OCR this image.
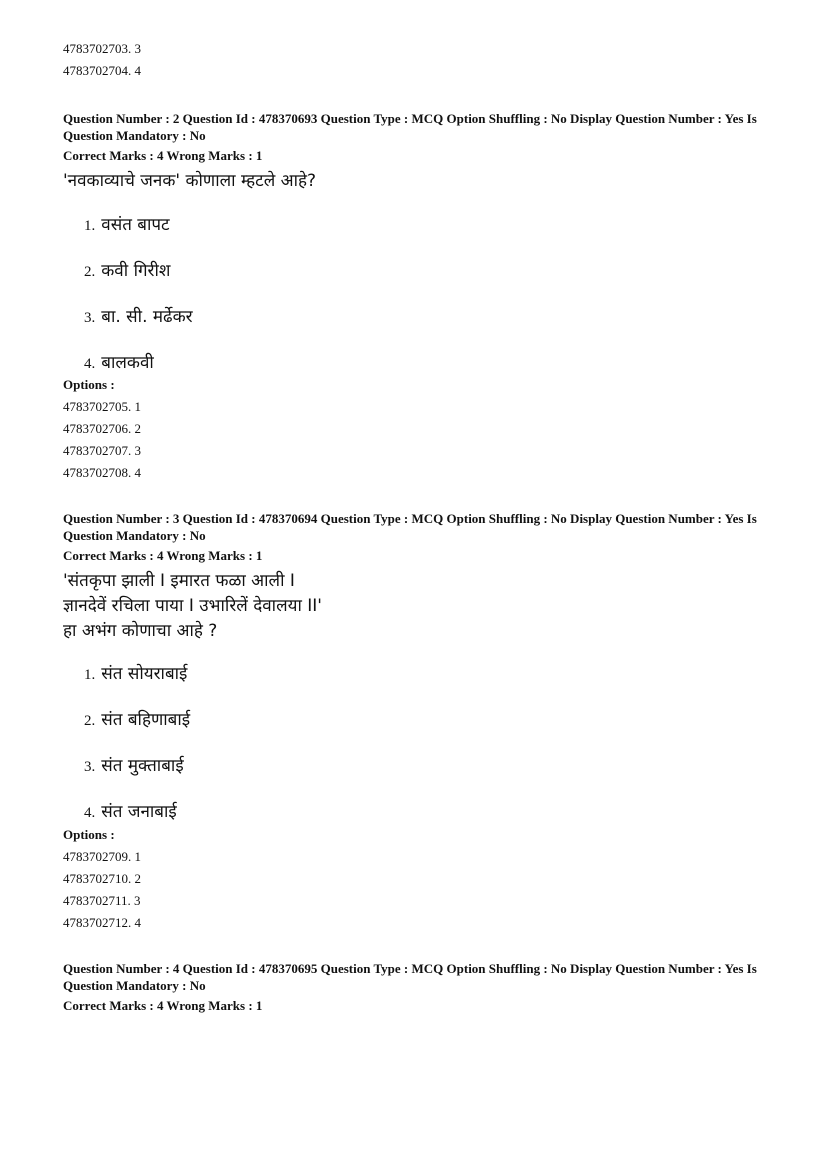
4783702703. 3
4783702704. 4
Question Number : 2 Question Id : 478370693 Question Type : MCQ Option Shuffling : No Display Question Number : Yes Is Question Mandatory : No
Correct Marks : 4 Wrong Marks : 1
'नवकाव्याचे जनक' कोणाला म्हटले आहे?
1. वसंत बापट
2. कवी गिरीश
3. बा. सी. मर्ढेकर
4. बालकवी
Options :
4783702705. 1
4783702706. 2
4783702707. 3
4783702708. 4
Question Number : 3 Question Id : 478370694 Question Type : MCQ Option Shuffling : No Display Question Number : Yes Is Question Mandatory : No
Correct Marks : 4 Wrong Marks : 1
'संतकृपा झाली I इमारत फळा आली I
ज्ञानदेवें रचिला पाया I उभारिलें देवालया II'
हा अभंग कोणाचा आहे ?
1. संत सोयराबाई
2. संत बहिणाबाई
3. संत मुक्ताबाई
4. संत जनाबाई
Options :
4783702709. 1
4783702710. 2
4783702711. 3
4783702712. 4
Question Number : 4 Question Id : 478370695 Question Type : MCQ Option Shuffling : No Display Question Number : Yes Is Question Mandatory : No
Correct Marks : 4 Wrong Marks : 1
